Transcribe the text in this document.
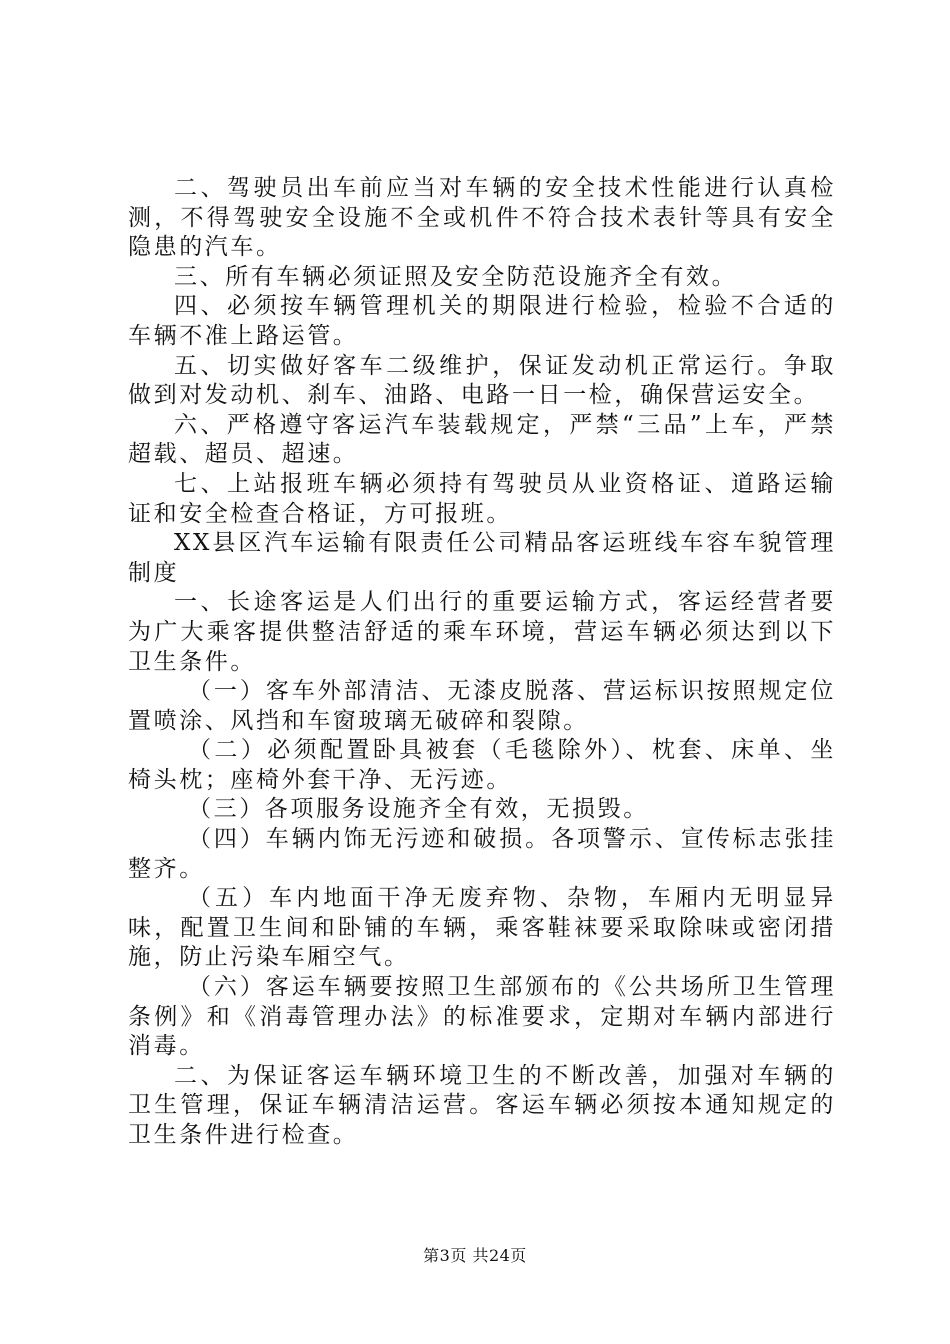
二、驾驶员出车前应当对车辆的安全技术性能进行认真检测，不得驾驶安全设施不全或机件不符合技术表针等具有安全隐患的汽车。

三、所有车辆必须证照及安全防范设施齐全有效。

四、必须按车辆管理机关的期限进行检验，检验不合适的车辆不准上路运管。

五、切实做好客车二级维护，保证发动机正常运行。争取做到对发动机、刹车、油路、电路一日一检，确保营运安全。

六、严格遵守客运汽车装载规定，严禁“三品”上车，严禁超载、超员、超速。

七、上站报班车辆必须持有驾驶员从业资格证、道路运输证和安全检查合格证，方可报班。

XX县区汽车运输有限责任公司精品客运班线车容车貌管理制度

一、长途客运是人们出行的重要运输方式，客运经营者要为广大乘客提供整洁舒适的乘车环境，营运车辆必须达到以下卫生条件。

（一）客车外部清洁、无漆皮脱落、营运标识按照规定位置喷涂、风挡和车窗玻璃无破碎和裂隙。

（二）必须配置卧具被套（毛毯除外）、枕套、床单、坐椅头枕；座椅外套干净、无污迹。

（三）各项服务设施齐全有效，无损毁。

（四）车辆内饰无污迹和破损。各项警示、宣传标志张挂整齐。

（五）车内地面干净无废弃物、杂物，车厢内无明显异味，配置卫生间和卧铺的车辆，乘客鞋袜要采取除味或密闭措施，防止污染车厢空气。

（六）客运车辆要按照卫生部颁布的《公共场所卫生管理条例》和《消毒管理办法》的标准要求，定期对车辆内部进行消毒。

二、为保证客运车辆环境卫生的不断改善，加强对车辆的卫生管理，保证车辆清洁运营。客运车辆必须按本通知规定的卫生条件进行检查。

第3页 共24页
